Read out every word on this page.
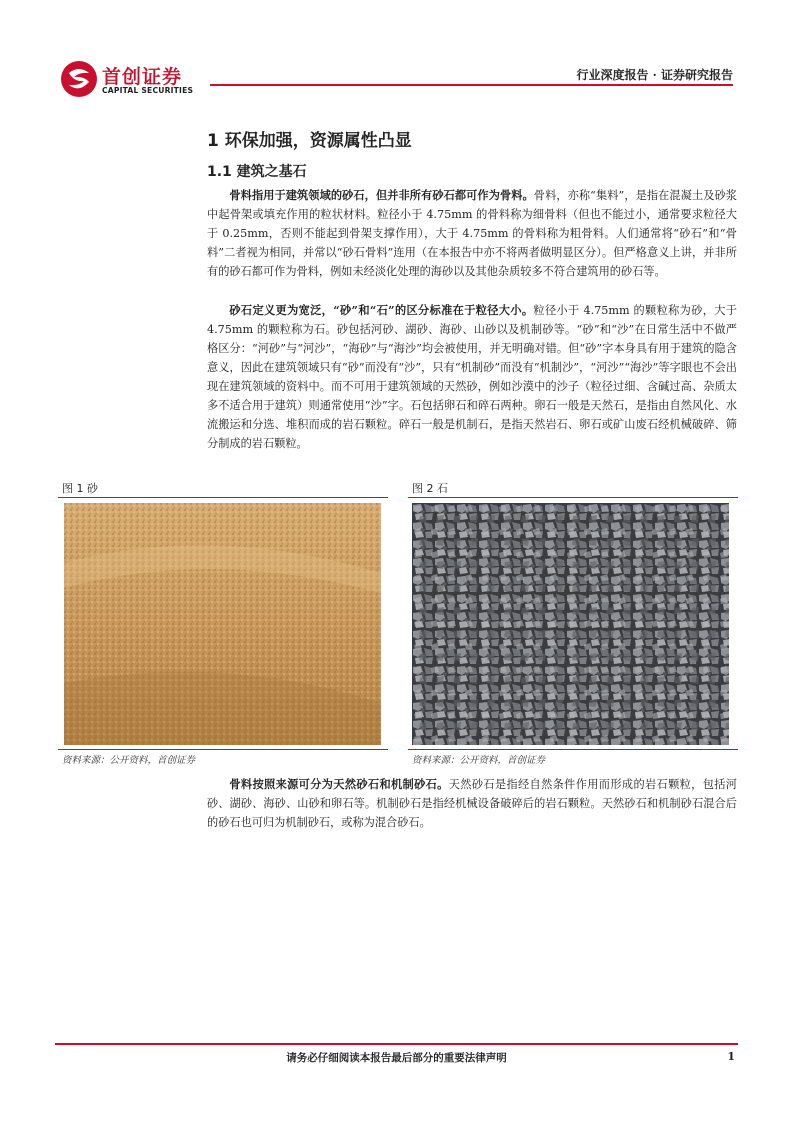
首创证券
CAPITAL SECURITIES
行业深度报告 · 证券研究报告
1 环保加强，资源属性凸显
1.1 建筑之基石

骨料指用于建筑领域的砂石，但并非所有砂石都可作为骨料。骨料，亦称“集料”，是指在混凝土及砂浆中起骨架或填充作用的粒状材料。粒径小于 4.75mm 的骨料称为细骨料（但也不能过小，通常要求粒径大于 0.25mm，否则不能起到骨架支撑作用），大于 4.75mm 的骨料称为粗骨料。人们通常将“砂石”和“骨料”二者视为相同，并常以“砂石骨料”连用（在本报告中亦不将两者做明显区分）。但严格意义上讲，并非所有的砂石都可作为骨料，例如未经淡化处理的海砂以及其他杂质较多不符合建筑用的砂石等。

砂石定义更为宽泛，“砂”和“石”的区分标准在于粒径大小。粒径小于 4.75mm 的颗粒称为砂，大于 4.75mm 的颗粒称为石。砂包括河砂、湖砂、海砂、山砂以及机制砂等。“砂”和“沙”在日常生活中不做严格区分：“河砂”与“河沙”，“海砂”与“海沙”均会被使用，并无明确对错。但“砂”字本身具有用于建筑的隐含意义，因此在建筑领域只有“砂”而没有“沙”，只有“机制砂”而没有“机制沙”，“河沙”“海沙”等字眼也不会出现在建筑领域的资料中。而不可用于建筑领域的天然砂，例如沙漠中的沙子（粒径过细、含碱过高、杂质太多不适合用于建筑）则通常使用“沙”字。石包括卵石和碎石两种。卵石一般是天然石，是指由自然风化、水流搬运和分选、堆积而成的岩石颗粒。碎石一般是机制石，是指天然岩石、卵石或矿山废石经机械破碎、筛分制成的岩石颗粒。

图 1 砂
资料来源：公开资料，首创证券
图 2 石
资料来源：公开资料，首创证券

骨料按照来源可分为天然砂石和机制砂石。天然砂石是指经自然条件作用而形成的岩石颗粒，包括河砂、湖砂、海砂、山砂和卵石等。机制砂石是指经机械设备破碎后的岩石颗粒。天然砂石和机制砂石混合后的砂石也可归为机制砂石，或称为混合砂石。

请务必仔细阅读本报告最后部分的重要法律声明	1
